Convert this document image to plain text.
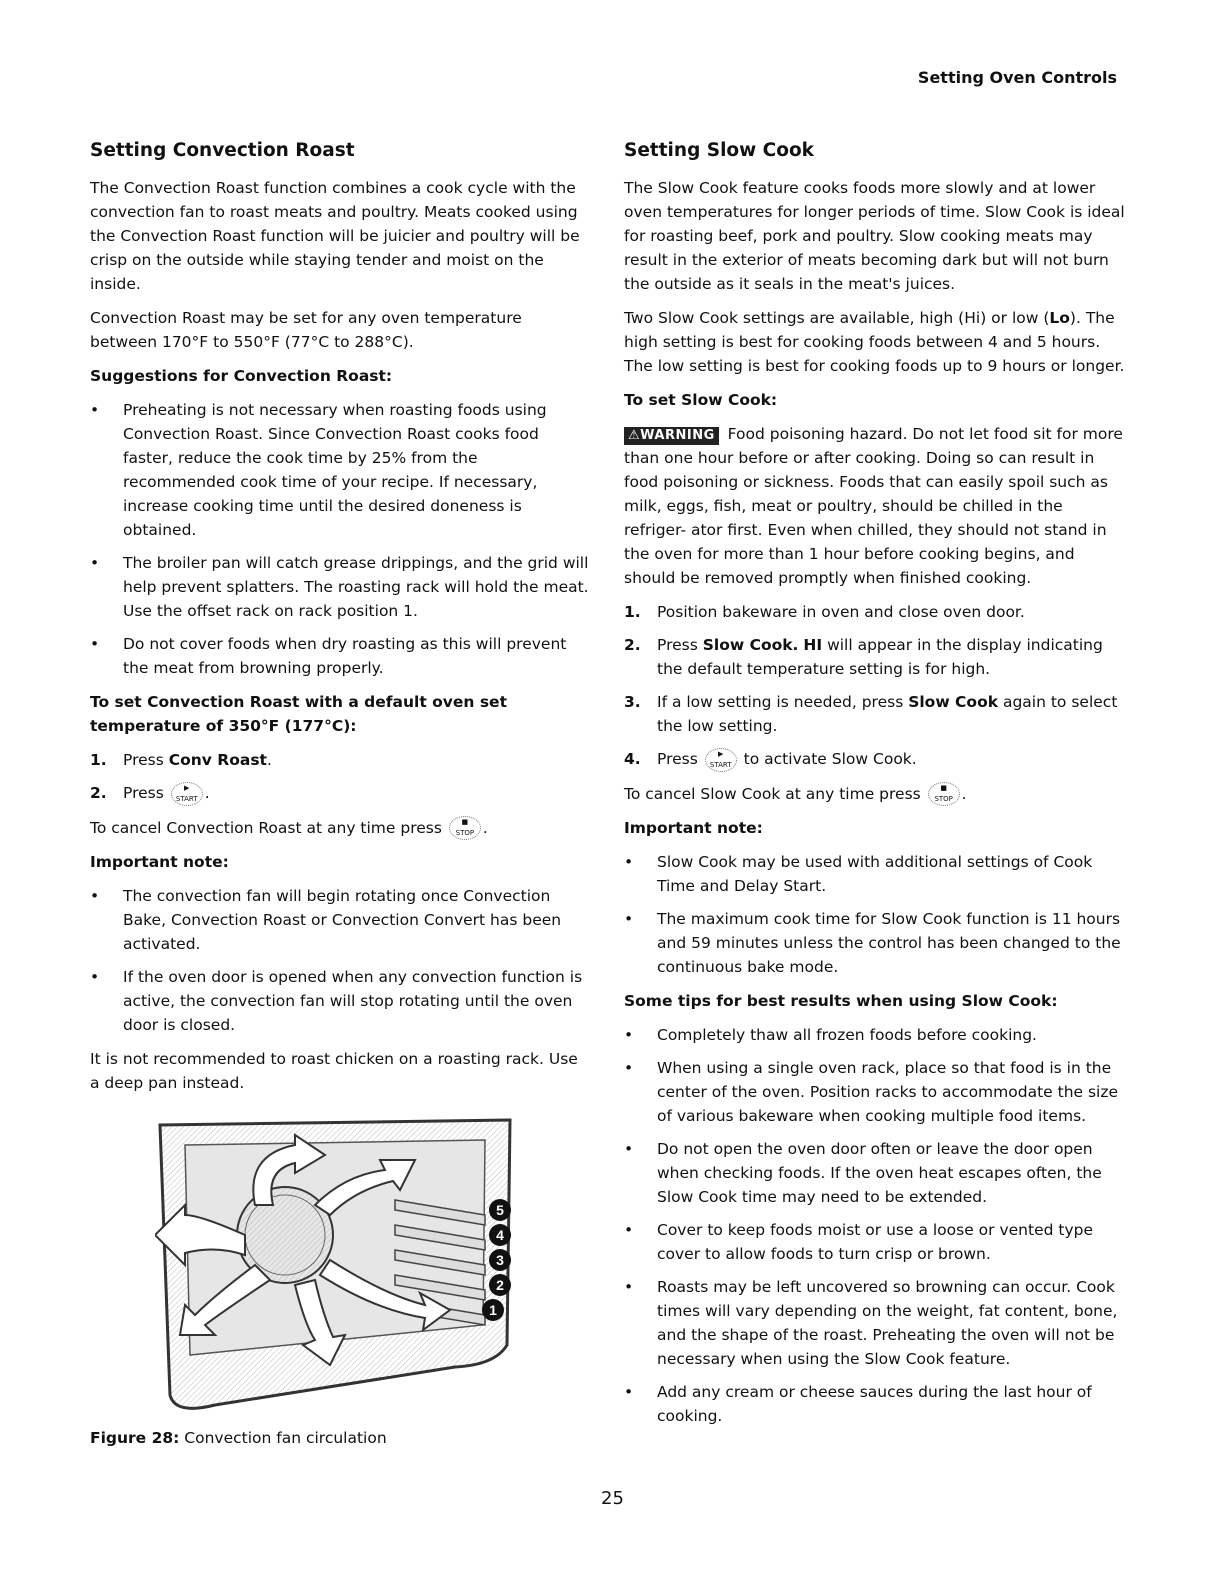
Setting Oven Controls
Setting Convection Roast

The Convection Roast function combines a cook cycle with the convection fan to roast meats and poultry. Meats cooked using the Convection Roast function will be juicier and poultry will be crisp on the outside while staying tender and moist on the inside.

Convection Roast may be set for any oven temperature between 170°F to 550°F (77°C to 288°C).

Suggestions for Convection Roast:
• Preheating is not necessary when roasting foods using Convection Roast. Since Convection Roast cooks food faster, reduce the cook time by 25% from the recommended cook time of your recipe. If necessary, increase cooking time until the desired doneness is obtained.
• The broiler pan will catch grease drippings, and the grid will help prevent splatters. The roasting rack will hold the meat. Use the offset rack on rack position 1.
• Do not cover foods when dry roasting as this will prevent the meat from browning properly.
To set Convection Roast with a default oven set temperature of 350°F (177°C):
1. Press Conv Roast.
2. Press	▶
START .

To cancel Convection Roast at any time press	■
STOP .

Important note:
• The convection fan will begin rotating once Convection Bake, Convection Roast or Convection Convert has been activated.
• If the oven door is opened when any convection function is active, the convection fan will stop rotating until the oven door is closed.

It is not recommended to roast chicken on a roasting rack. Use a deep pan instead.

5
4
3
2
1
Figure 28: Convection fan circulation
Setting Slow Cook

The Slow Cook feature cooks foods more slowly and at lower oven temperatures for longer periods of time. Slow Cook is ideal for roasting beef, pork and poultry. Slow cooking meats may result in the exterior of meats becoming dark but will not burn the outside as it seals in the meat's juices.

Two Slow Cook settings are available, high (Hi) or low (Lo). The high setting is best for cooking foods between 4 and 5 hours. The low setting is best for cooking foods up to 9 hours or longer.

To set Slow Cook:

⚠WARNING Food poisoning hazard. Do not let food sit for more than one hour before or after cooking. Doing so can result in food poisoning or sickness. Foods that can easily spoil such as milk, eggs, fish, meat or poultry, should be chilled in the refriger- ator first. Even when chilled, they should not stand in the oven for more than 1 hour before cooking begins, and should be removed promptly when finished cooking.

1. Position bakeware in oven and close oven door.
2. Press Slow Cook. HI will appear in the display indicating the default temperature setting is for high.
3. If a low setting is needed, press Slow Cook again to select the low setting.
4. Press	▶
START to activate Slow Cook.

To cancel Slow Cook at any time press	■
STOP .

Important note:
• Slow Cook may be used with additional settings of Cook Time and Delay Start.
• The maximum cook time for Slow Cook function is 11 hours and 59 minutes unless the control has been changed to the continuous bake mode.
Some tips for best results when using Slow Cook:
• Completely thaw all frozen foods before cooking.
• When using a single oven rack, place so that food is in the center of the oven. Position racks to accommodate the size of various bakeware when cooking multiple food items.
• Do not open the oven door often or leave the door open when checking foods. If the oven heat escapes often, the Slow Cook time may need to be extended.
• Cover to keep foods moist or use a loose or vented type cover to allow foods to turn crisp or brown.
• Roasts may be left uncovered so browning can occur. Cook times will vary depending on the weight, fat content, bone, and the shape of the roast. Preheating the oven will not be necessary when using the Slow Cook feature.
• Add any cream or cheese sauces during the last hour of cooking.
25
